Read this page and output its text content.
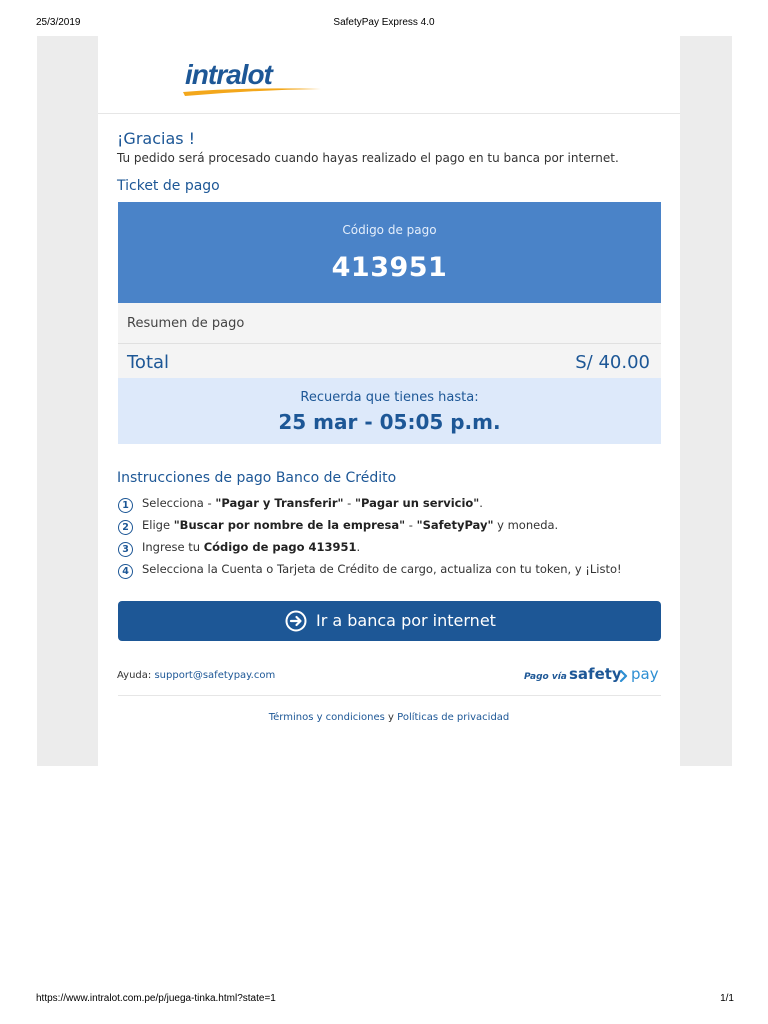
25/3/2019	SafetyPay Express 4.0
intralot
¡Gracias !
Tu pedido será procesado cuando hayas realizado el pago en tu banca por internet.
Ticket de pago
Código de pago
413951
Resumen de pago
Total	S/ 40.00
Recuerda que tienes hasta:
25 mar - 05:05 p.m.
Instrucciones de pago Banco de Crédito
1	Selecciona - "Pagar y Transferir" - "Pagar un servicio".
2	Elige "Buscar por nombre de la empresa" - "SafetyPay" y moneda.
3	Ingrese tu Código de pago 413951.
4	Selecciona la Cuenta o Tarjeta de Crédito de cargo, actualiza con tu token, y ¡Listo!
Ir a banca por internet
Ayuda: support@safetypay.com	Pago vía safety pay
Términos y condiciones y Políticas de privacidad
https://www.intralot.com.pe/p/juega-tinka.html?state=1	1/1
